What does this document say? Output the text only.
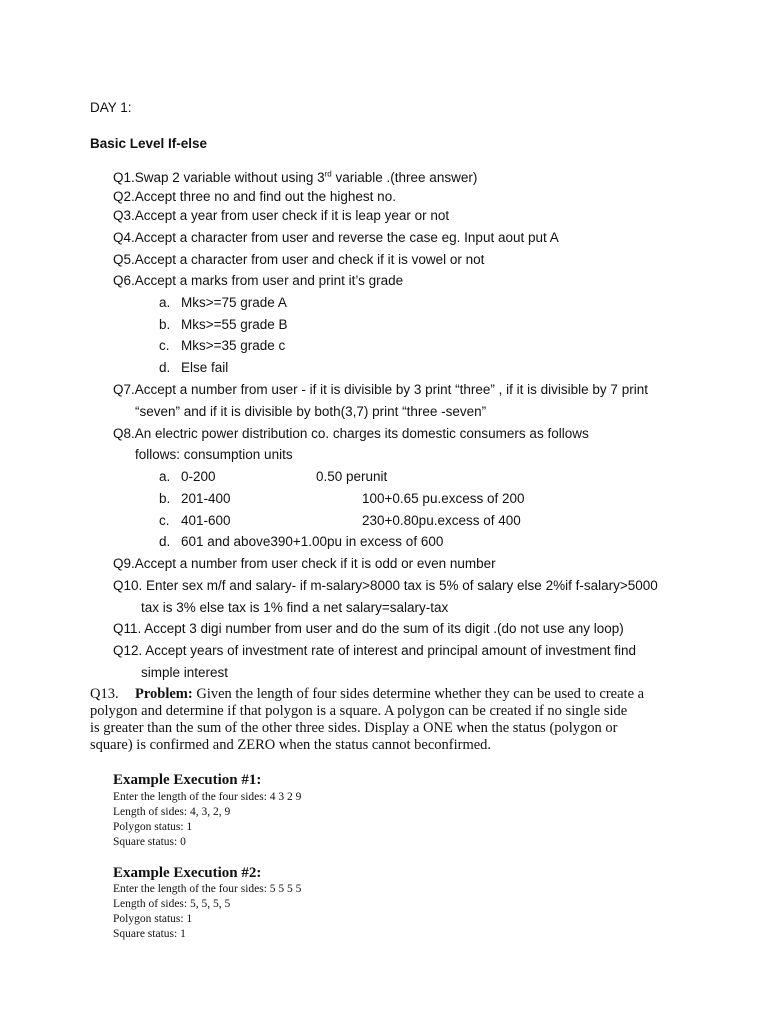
DAY 1:
Basic Level If-else
Q1.Swap 2 variable without using 3rd variable .(three answer)
Q2.Accept three no and find out the highest no.
Q3.Accept a year from user check if it is leap year or not
Q4.Accept a character from user and reverse the case eg. Input aout put A
Q5.Accept a character from user and check if it is vowel or not
Q6.Accept a marks from user and print it’s grade
a. Mks>=75 grade A
b. Mks>=55 grade B
c. Mks>=35 grade c
d. Else fail
Q7.Accept a number from user - if it is divisible by 3 print “three” , if it is divisible by 7 print
“seven” and if it is divisible by both(3,7) print “three -seven”
Q8.An electric power distribution co. charges its domestic consumers as follows
follows: consumption units
a. 0-200	0.50 perunit
b. 201-400	100+0.65 pu.excess of 200
c. 401-600	230+0.80pu.excess of 400
d. 601 and above390+1.00pu in excess of 600
Q9.Accept a number from user check if it is odd or even number
Q10. Enter sex m/f and salary- if m-salary>8000 tax is 5% of salary else 2%if f-salary>5000
tax is 3% else tax is 1% find a net salary=salary-tax
Q11. Accept 3 digi number from user and do the sum of its digit .(do not use any loop)
Q12. Accept years of investment rate of interest and principal amount of investment find
simple interest
Q13. Problem: Given the length of four sides determine whether they can be used to create a
polygon and determine if that polygon is a square. A polygon can be created if no single side
is greater than the sum of the other three sides. Display a ONE when the status (polygon or
square) is confirmed and ZERO when the status cannot beconfirmed.
Example Execution #1:
Enter the length of the four sides: 4 3 2 9
Length of sides: 4, 3, 2, 9
Polygon status: 1
Square status: 0
Example Execution #2:
Enter the length of the four sides: 5 5 5 5
Length of sides: 5, 5, 5, 5
Polygon status: 1
Square status: 1
